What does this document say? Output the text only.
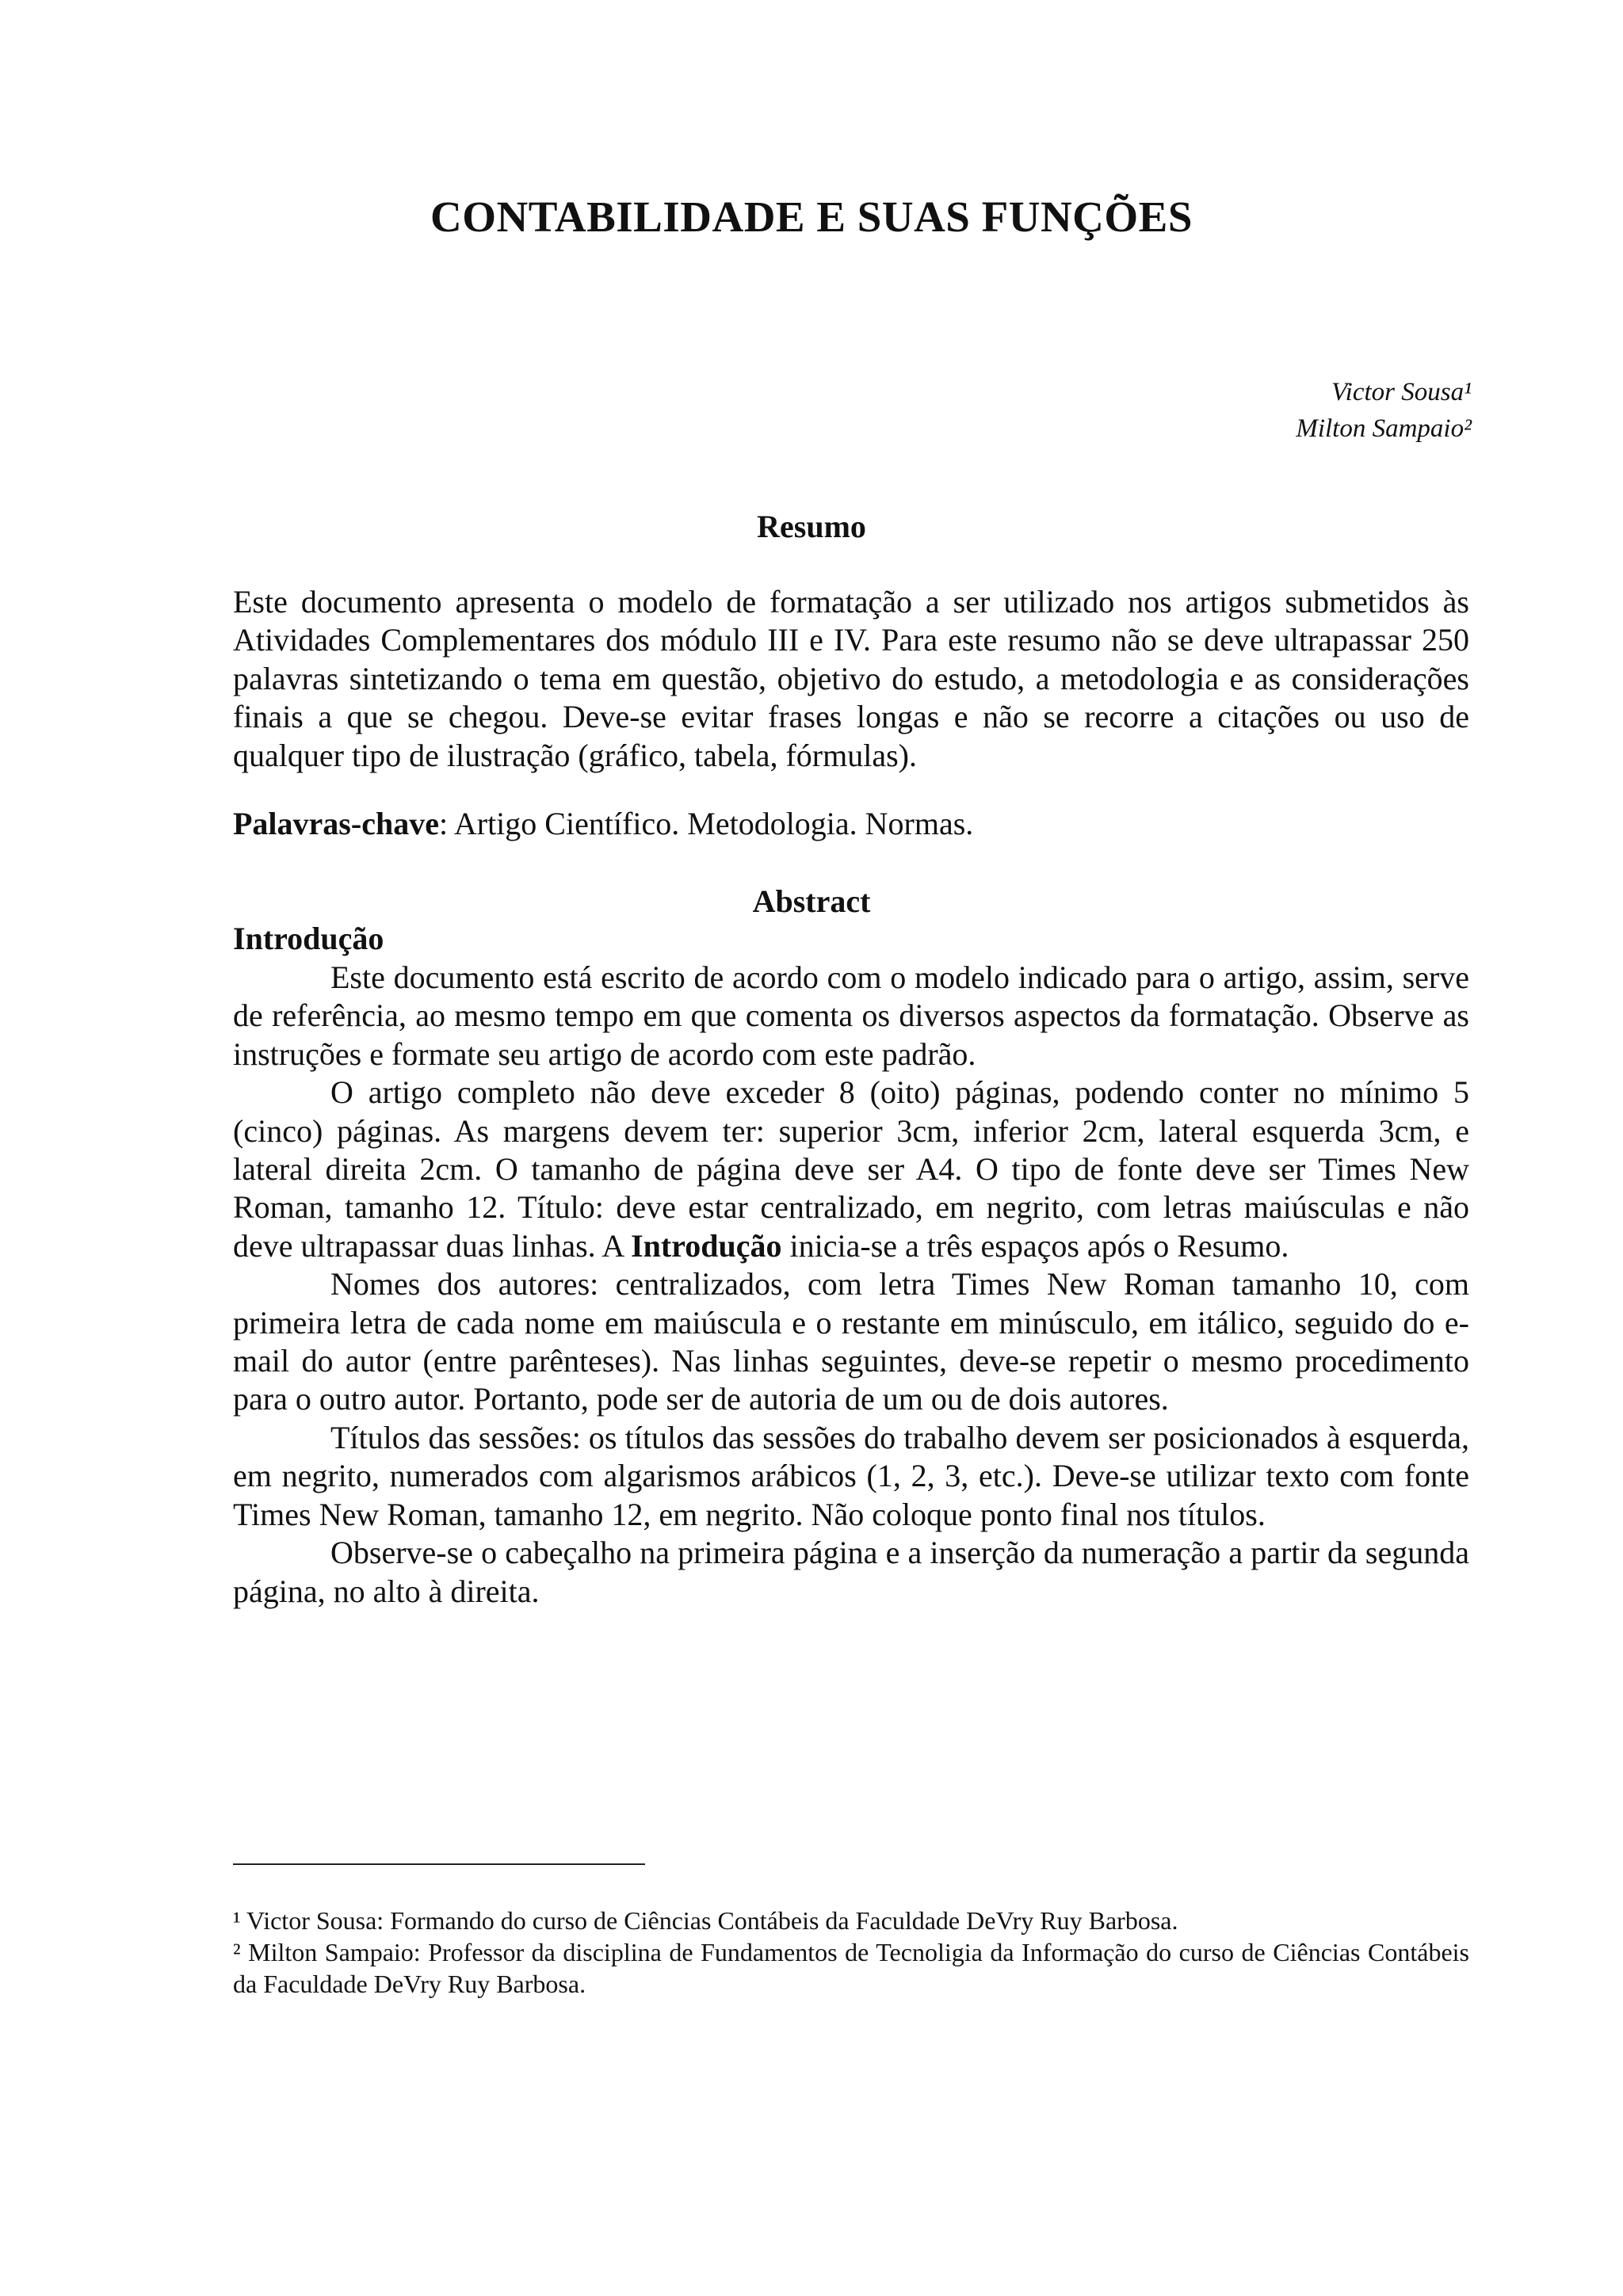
CONTABILIDADE E SUAS FUNÇÕES
Victor Sousa¹
Milton Sampaio²
Resumo
Este documento apresenta o modelo de formatação a ser utilizado nos artigos submetidos às Atividades Complementares dos módulo III e IV. Para este resumo não se deve ultrapassar 250 palavras sintetizando o tema em questão, objetivo do estudo, a metodologia e as considerações finais a que se chegou. Deve-se evitar frases longas e não se recorre a citações ou uso de qualquer tipo de ilustração (gráfico, tabela, fórmulas).
Palavras-chave: Artigo Científico. Metodologia. Normas.
Abstract
Introdução

Este documento está escrito de acordo com o modelo indicado para o artigo, assim, serve de referência, ao mesmo tempo em que comenta os diversos aspectos da formatação. Observe as instruções e formate seu artigo de acordo com este padrão.

O artigo completo não deve exceder 8 (oito) páginas, podendo conter no mínimo 5 (cinco) páginas. As margens devem ter: superior 3cm, inferior 2cm, lateral esquerda 3cm, e lateral direita 2cm. O tamanho de página deve ser A4. O tipo de fonte deve ser Times New Roman, tamanho 12. Título: deve estar centralizado, em negrito, com letras maiúsculas e não deve ultrapassar duas linhas. A Introdução inicia-se a três espaços após o Resumo.

Nomes dos autores: centralizados, com letra Times New Roman tamanho 10, com primeira letra de cada nome em maiúscula e o restante em minúsculo, em itálico, seguido do e-mail do autor (entre parênteses). Nas linhas seguintes, deve-se repetir o mesmo procedimento para o outro autor. Portanto, pode ser de autoria de um ou de dois autores.

Títulos das sessões: os títulos das sessões do trabalho devem ser posicionados à esquerda, em negrito, numerados com algarismos arábicos (1, 2, 3, etc.). Deve-se utilizar texto com fonte Times New Roman, tamanho 12, em negrito. Não coloque ponto final nos títulos.

Observe-se o cabeçalho na primeira página e a inserção da numeração a partir da segunda página, no alto à direita.

¹ Victor Sousa: Formando do curso de Ciências Contábeis da Faculdade DeVry Ruy Barbosa.

² Milton Sampaio: Professor da disciplina de Fundamentos de Tecnoligia da Informação do curso de Ciências Contábeis da Faculdade DeVry Ruy Barbosa.
